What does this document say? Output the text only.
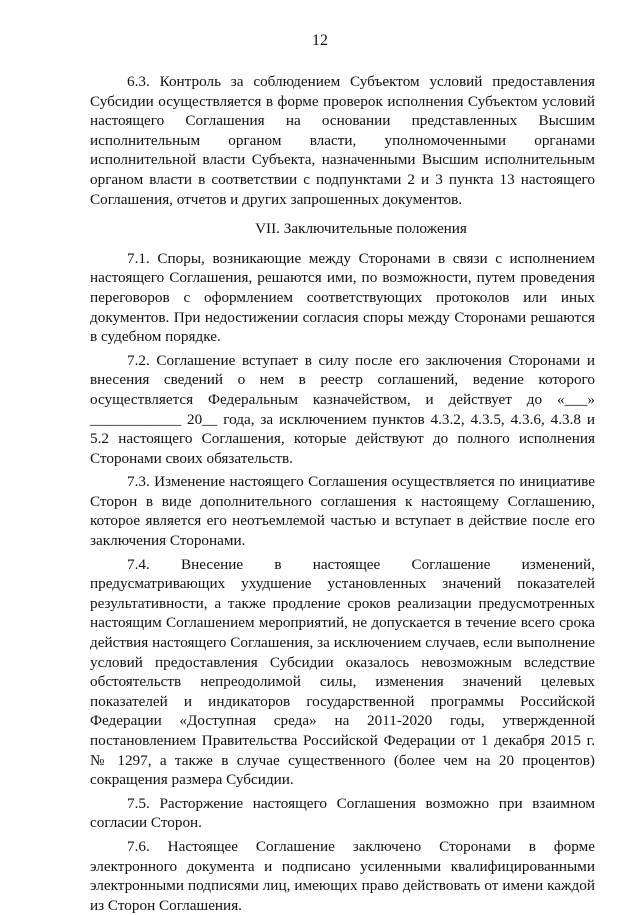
12

6.3. Контроль за соблюдением Субъектом условий предоставления Субсидии осуществляется в форме проверок исполнения Субъектом условий настоящего Соглашения на основании представленных Высшим исполнительным органом власти, уполномоченными органами исполнительной власти Субъекта, назначенными Высшим исполнительным органом власти в соответствии с подпунктами 2 и 3 пункта 13 настоящего Соглашения, отчетов и других запрошенных документов.

VII. Заключительные положения

7.1. Споры, возникающие между Сторонами в связи с исполнением настоящего Соглашения, решаются ими, по возможности, путем проведения переговоров с оформлением соответствующих протоколов или иных документов. При недостижении согласия споры между Сторонами решаются в судебном порядке.

7.2. Соглашение вступает в силу после его заключения Сторонами и внесения сведений о нем в реестр соглашений, ведение которого осуществляется Федеральным казначейством, и действует до «___» ____________ 20__ года, за исключением пунктов 4.3.2, 4.3.5, 4.3.6, 4.3.8 и 5.2 настоящего Соглашения, которые действуют до полного исполнения Сторонами своих обязательств.

7.3. Изменение настоящего Соглашения осуществляется по инициативе Сторон в виде дополнительного соглашения к настоящему Соглашению, которое является его неотъемлемой частью и вступает в действие после его заключения Сторонами.

7.4. Внесение в настоящее Соглашение изменений, предусматривающих ухудшение установленных значений показателей результативности, а также продление сроков реализации предусмотренных настоящим Соглашением мероприятий, не допускается в течение всего срока действия настоящего Соглашения, за исключением случаев, если выполнение условий предоставления Субсидии оказалось невозможным вследствие обстоятельств непреодолимой силы, изменения значений целевых показателей и индикаторов государственной программы Российской Федерации «Доступная среда» на 2011-2020 годы, утвержденной постановлением Правительства Российской Федерации от 1 декабря 2015 г. № 1297, а также в случае существенного (более чем на 20 процентов) сокращения размера Субсидии.

7.5. Расторжение настоящего Соглашения возможно при взаимном согласии Сторон.

7.6. Настоящее Соглашение заключено Сторонами в форме электронного документа и подписано усиленными квалифицированными электронными подписями лиц, имеющих право действовать от имени каждой из Сторон Соглашения.
